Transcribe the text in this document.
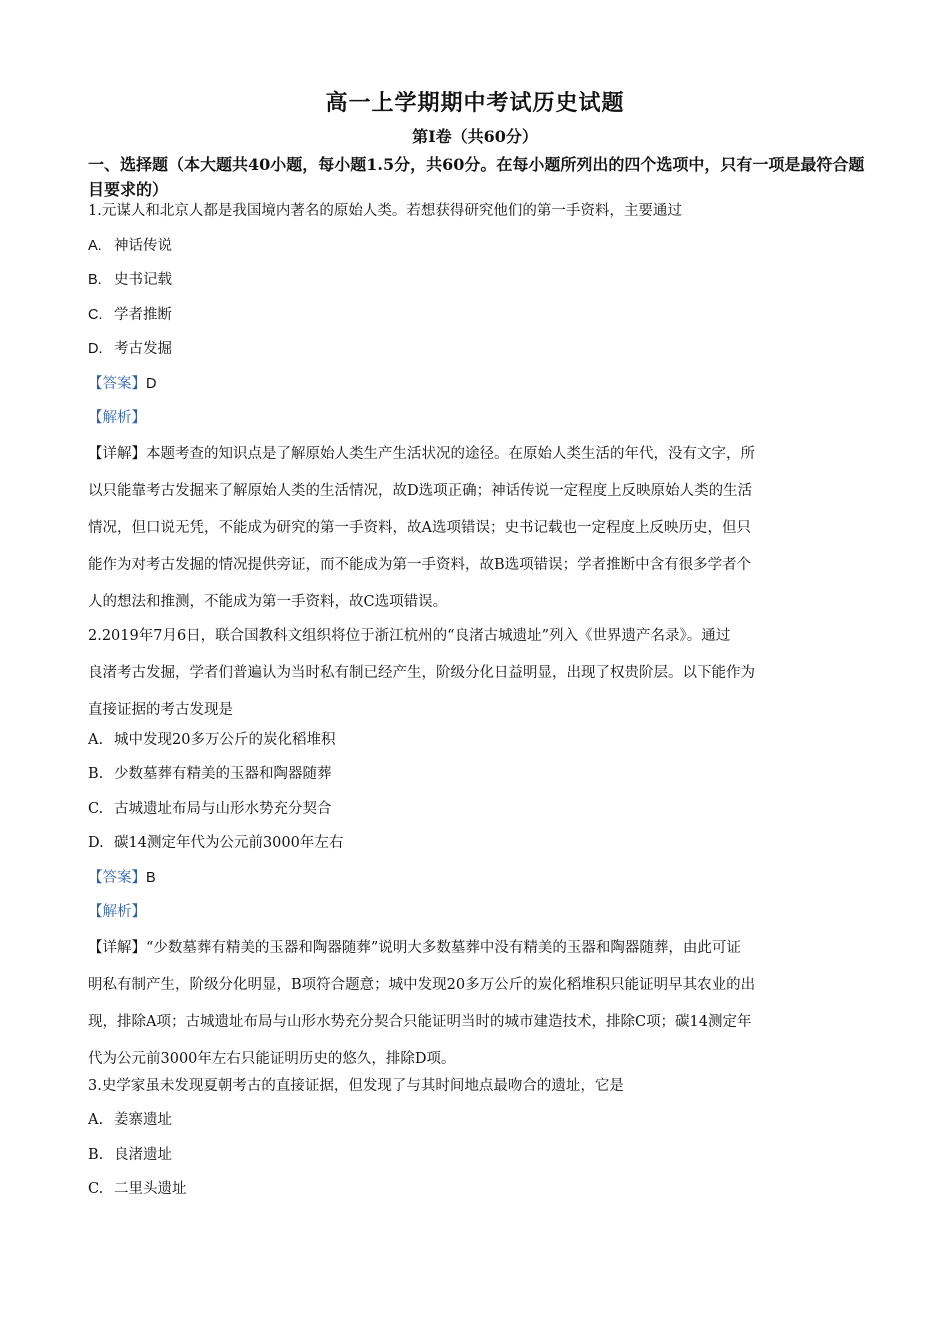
高一上学期期中考试历史试题
第Ⅰ卷（共60分）
一、选择题（本大题共40小题，每小题1.5分，共60分。在每小题所列出的四个选项中，只有一项是最符合题目要求的）
1.元谋人和北京人都是我国境内著名的原始人类。若想获得研究他们的第一手资料，主要通过
A. 神话传说
B. 史书记载
C. 学者推断
D. 考古发掘
【答案】D
【解析】
【详解】本题考查的知识点是了解原始人类生产生活状况的途径。在原始人类生活的年代，没有文字，所
以只能靠考古发掘来了解原始人类的生活情况，故D选项正确；神话传说一定程度上反映原始人类的生活
情况，但口说无凭，不能成为研究的第一手资料，故A选项错误；史书记载也一定程度上反映历史，但只
能作为对考古发掘的情况提供旁证，而不能成为第一手资料，故B选项错误；学者推断中含有很多学者个
人的想法和推测，不能成为第一手资料，故C选项错误。
2.2019年7月6日，联合国教科文组织将位于浙江杭州的“良渚古城遗址”列入《世界遗产名录》。通过
良渚考古发掘，学者们普遍认为当时私有制已经产生，阶级分化日益明显，出现了权贵阶层。以下能作为
直接证据的考古发现是
A. 城中发现20多万公斤的炭化稻堆积
B. 少数墓葬有精美的玉器和陶器随葬
C. 古城遗址布局与山形水势充分契合
D. 碳14测定年代为公元前3000年左右
【答案】B
【解析】
【详解】“少数墓葬有精美的玉器和陶器随葬”说明大多数墓葬中没有精美的玉器和陶器随葬，由此可证
明私有制产生，阶级分化明显，B项符合题意；城中发现20多万公斤的炭化稻堆积只能证明早其农业的出
现，排除A项；古城遗址布局与山形水势充分契合只能证明当时的城市建造技术，排除C项；碳14测定年
代为公元前3000年左右只能证明历史的悠久，排除D项。
3.史学家虽未发现夏朝考古的直接证据，但发现了与其时间地点最吻合的遗址，它是
A. 姜寨遗址
B. 良渚遗址
C. 二里头遗址
